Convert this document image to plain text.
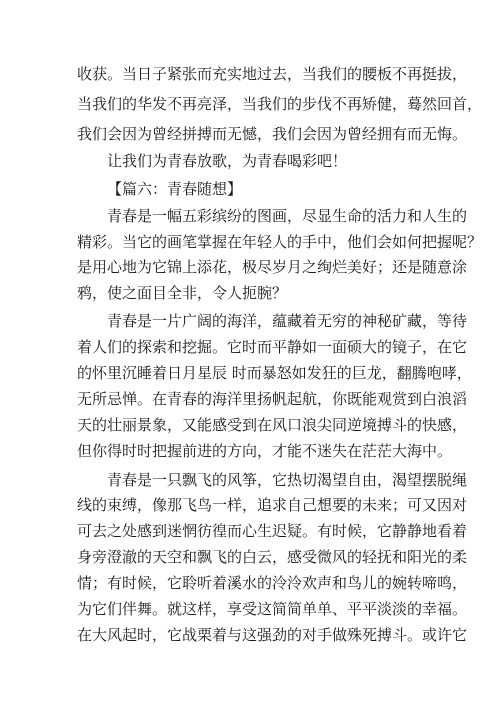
收获。当日子紧张而充实地过去，当我们的腰板不再挺拔，
当我们的华发不再亮泽，当我们的步伐不再矫健，蓦然回首，
我们会因为曾经拼搏而无憾，我们会因为曾经拥有而无悔。
让我们为青春放歌，为青春喝彩吧！
【篇六：青春随想】
青春是一幅五彩缤纷的图画，尽显生命的活力和人生的
精彩。当它的画笔掌握在年轻人的手中，他们会如何把握呢？
是用心地为它锦上添花，极尽岁月之绚烂美好；还是随意涂
鸦，使之面目全非，令人扼腕？
青春是一片广阔的海洋，蕴藏着无穷的神秘矿藏，等待
着人们的探索和挖掘。它时而平静如一面硕大的镜子，在它
的怀里沉睡着日月星辰 时而暴怒如发狂的巨龙，翻腾咆哮，
无所忌惮。在青春的海洋里扬帆起航，你既能观赏到白浪滔
天的壮丽景象，又能感受到在风口浪尖同逆境搏斗的快感，
但你得时时把握前进的方向，才能不迷失在茫茫大海中。
青春是一只飘飞的风筝，它热切渴望自由，渴望摆脱绳
线的束缚，像那飞鸟一样，追求自己想要的未来；可又因对
可去之处感到迷惘彷徨而心生迟疑。有时候，它静静地看着
身旁澄澈的天空和飘飞的白云，感受微风的轻抚和阳光的柔
情；有时候，它聆听着溪水的泠泠欢声和鸟儿的婉转啼鸣，
为它们伴舞。就这样，享受这简简单单、平平淡淡的幸福。
在大风起时，它战栗着与这强劲的对手做殊死搏斗。或许它
